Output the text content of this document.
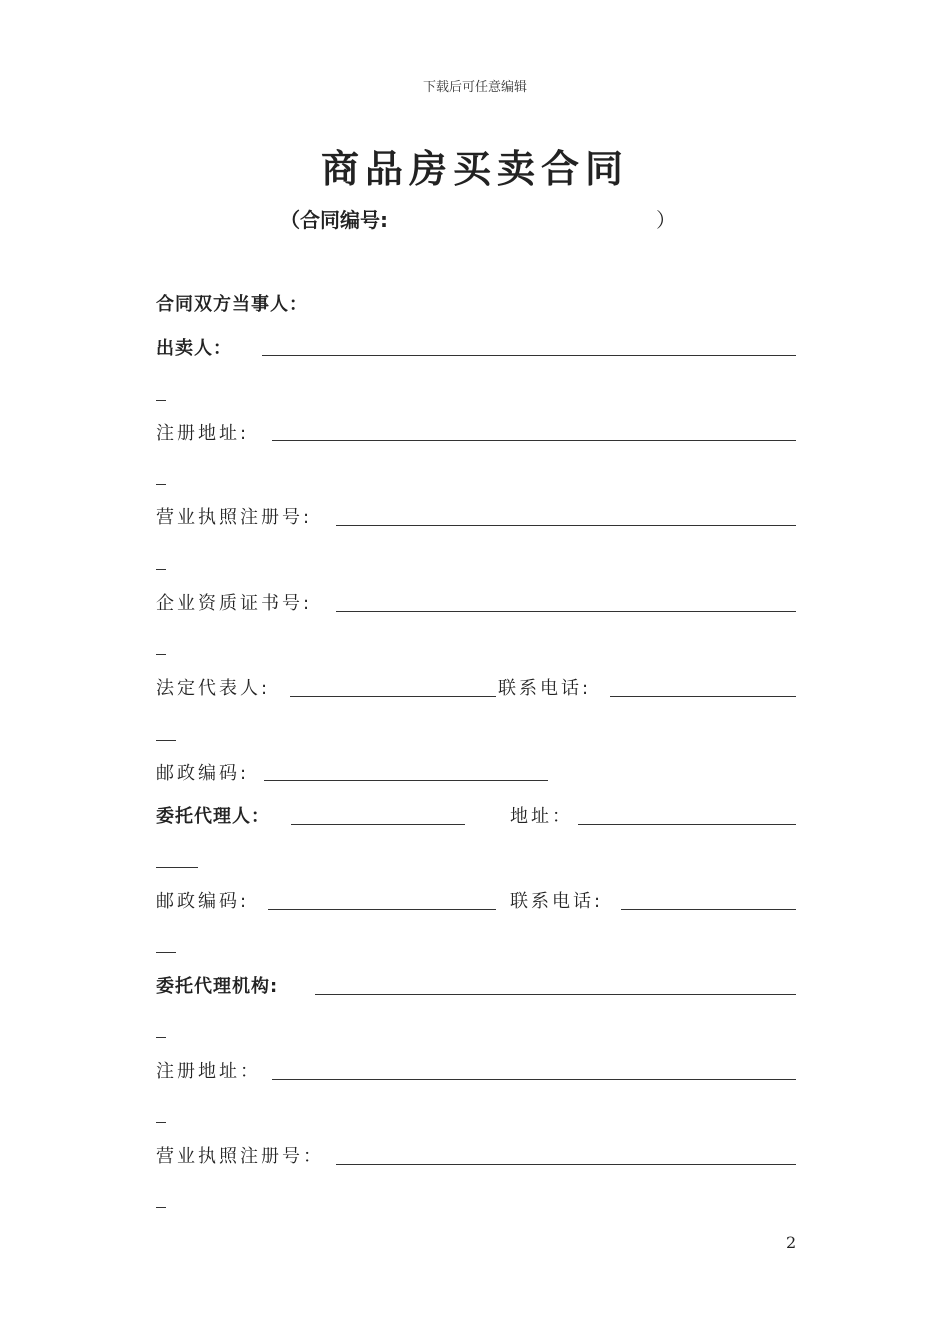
下载后可任意编辑
商品房买卖合同
（合同编号:	）
合同双方当事人：
出卖人：
注册地址:
营业执照注册号:
企业资质证书号:
法定代表人:	联系电话:
邮政编码:
委托代理人：	地址：
邮政编码:	联系电话:
委托代理机构:
注册地址：
营业执照注册号：
2
